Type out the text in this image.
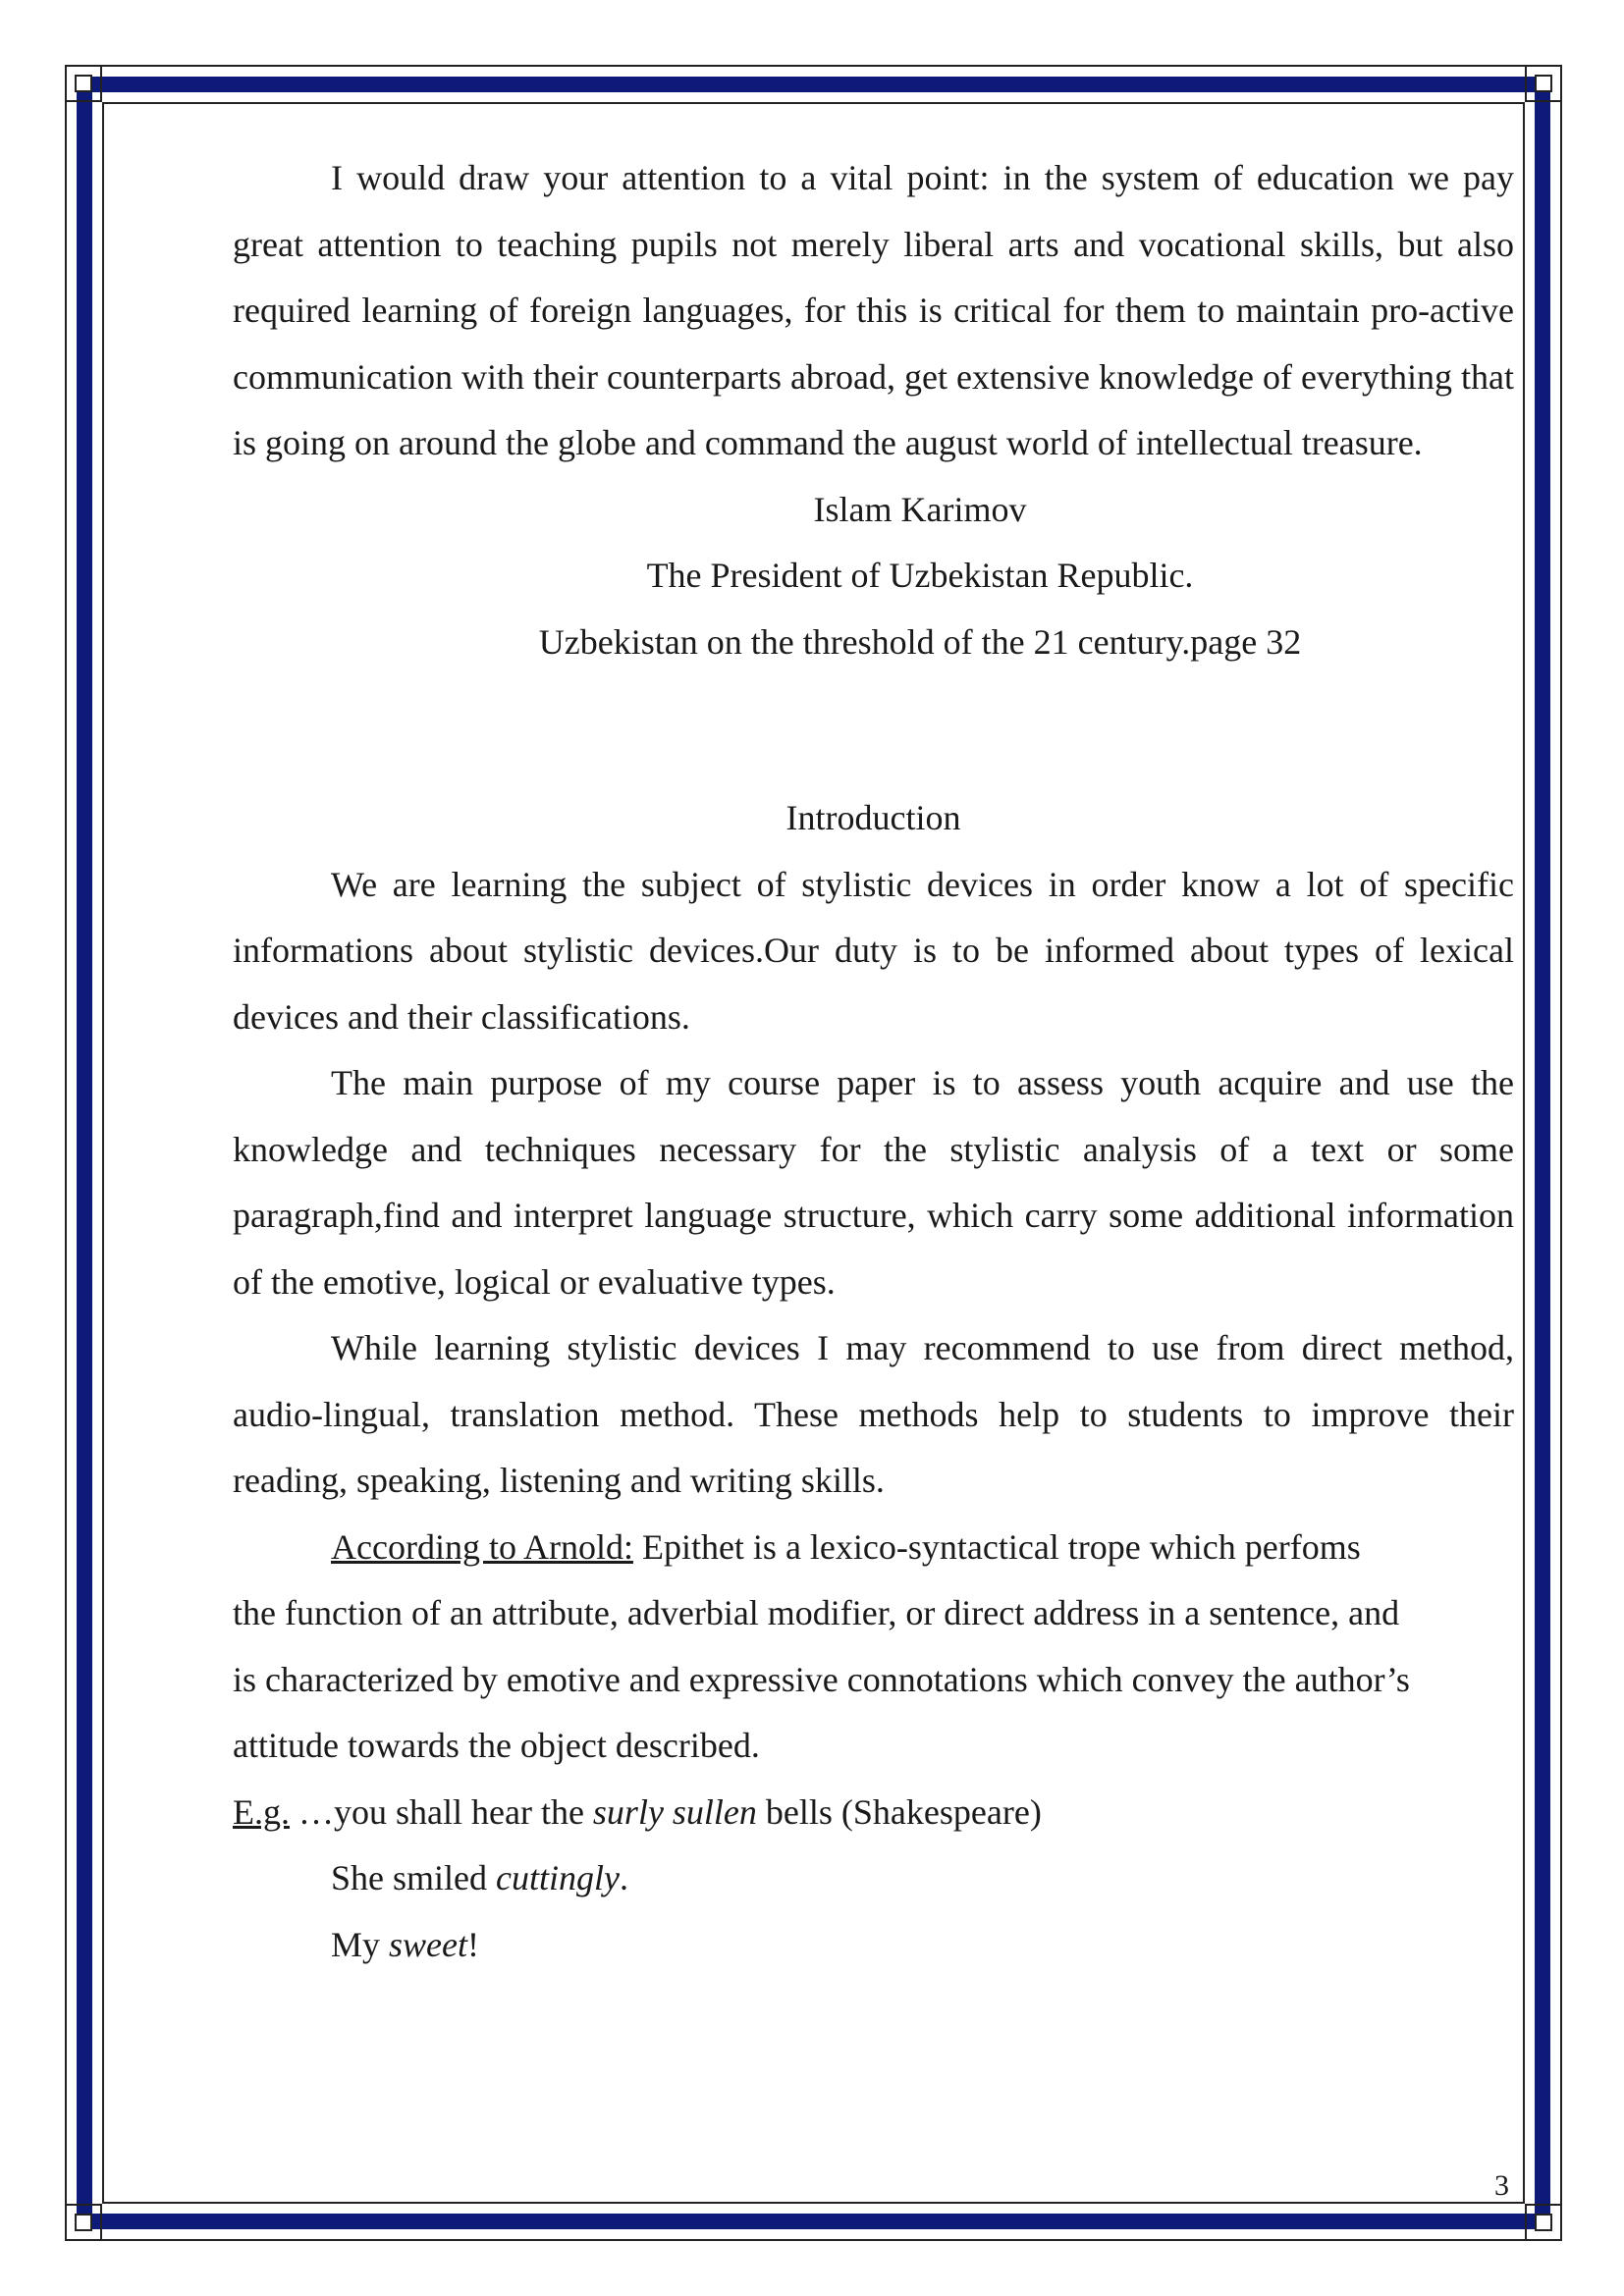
I would draw your attention to a vital point: in the system of education we pay great attention to teaching pupils not merely liberal arts and vocational skills, but also required learning of foreign languages, for this is critical for them to maintain pro-active communication with their counterparts abroad, get extensive knowledge of everything that is going on around the globe and command the august world of intellectual treasure.

Islam Karimov

The President of Uzbekistan Republic.

Uzbekistan on the threshold of the 21 century.page 32

Introduction

We are learning the subject of stylistic devices in order know a lot of specific informations about stylistic devices.Our duty is to be informed about types of lexical devices and their classifications.

The main purpose of my course paper is to assess youth acquire and use the knowledge and techniques necessary for the stylistic analysis of a text or some paragraph,find and interpret language structure, which carry some additional information of the emotive, logical or evaluative types.

While learning stylistic devices I may recommend to use from direct method, audio-lingual, translation method. These methods help to students to improve their reading, speaking, listening and writing skills.

According to Arnold: Epithet is a lexico-syntactical trope which perfoms

the function of an attribute, adverbial modifier, or direct address in a sentence, and

is characterized by emotive and expressive connotations which convey the author’s

attitude towards the object described.

E.g. …you shall hear the surly sullen bells (Shakespeare)

She smiled cuttingly.

My sweet!

3
